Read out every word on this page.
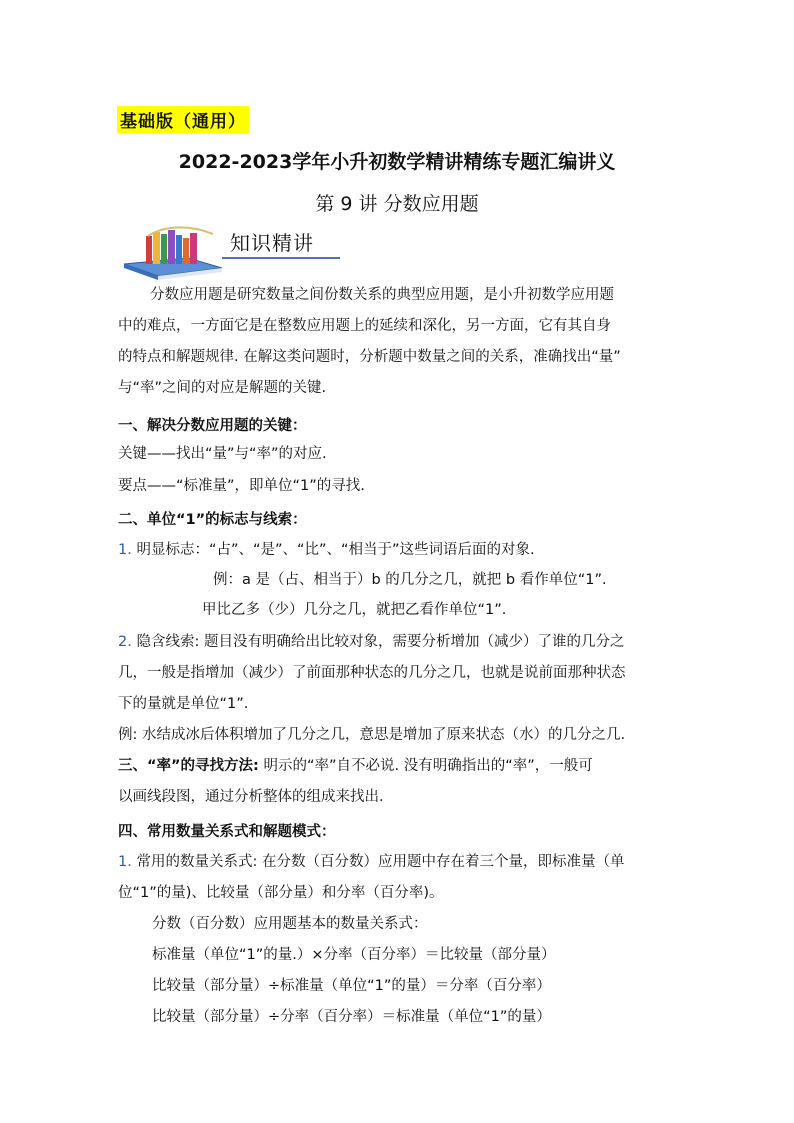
基础版（通用）
2022-2023学年小升初数学精讲精练专题汇编讲义
第 9 讲 分数应用题
知识精讲
分数应用题是研究数量之间份数关系的典型应用题，是小升初数学应用题
中的难点，一方面它是在整数应用题上的延续和深化，另一方面，它有其自身
的特点和解题规律. 在解这类问题时，分析题中数量之间的关系，准确找出“量”
与“率”之间的对应是解题的关键.
一、解决分数应用题的关键：
关键——找出“量”与“率”的对应.
要点——“标准量”，即单位“1”的寻找.
二、单位“1”的标志与线索：
1. 明显标志：“占”、“是”、“比”、“相当于”这些词语后面的对象.
例：a 是（占、相当于）b 的几分之几，就把 b 看作单位“1”.
甲比乙多（少）几分之几，就把乙看作单位“1”.
2. 隐含线索: 题目没有明确给出比较对象，需要分析增加（减少）了谁的几分之
几，一般是指增加（减少）了前面那种状态的几分之几，也就是说前面那种状态
下的量就是单位“1”.
例: 水结成冰后体积增加了几分之几，意思是增加了原来状态（水）的几分之几.
三、“率”的寻找方法: 明示的“率”自不必说. 没有明确指出的“率”，一般可
以画线段图，通过分析整体的组成来找出.
四、常用数量关系式和解题模式：
1. 常用的数量关系式: 在分数（百分数）应用题中存在着三个量，即标准量（单
位“1”的量)、比较量（部分量）和分率（百分率)。
分数（百分数）应用题基本的数量关系式：
标准量（单位“1”的量.）×分率（百分率）＝比较量（部分量）
比较量（部分量）÷标准量（单位“1”的量）＝分率（百分率）
比较量（部分量）÷分率（百分率）＝标准量（单位“1”的量）
